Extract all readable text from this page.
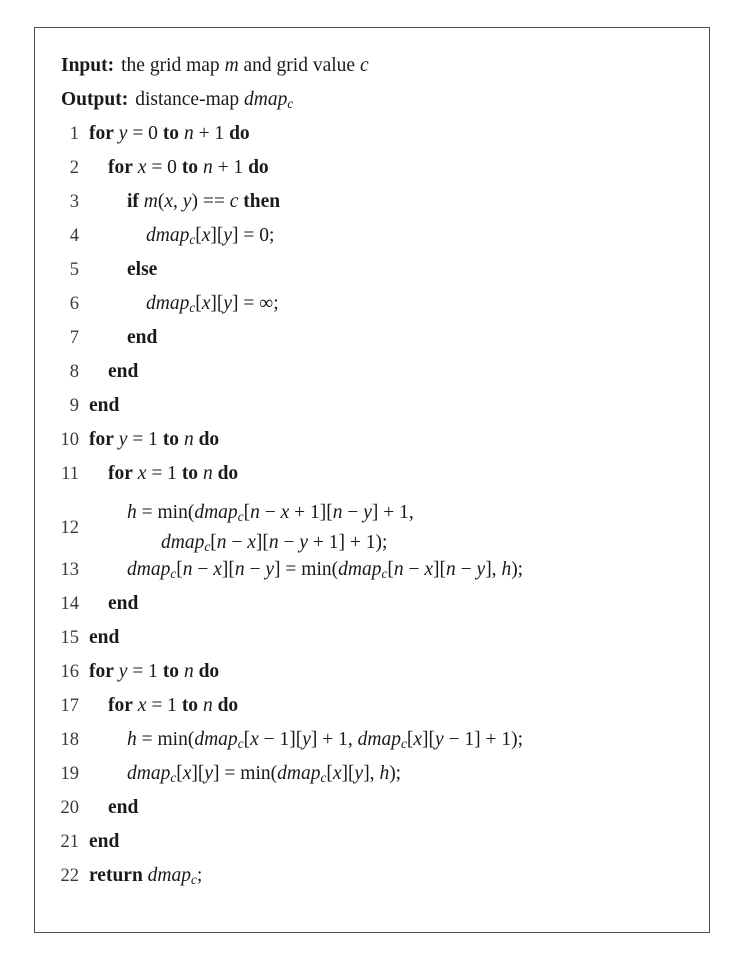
Input: the grid map m and grid value c
Output: distance-map dmap$_c$
1 for y = 0 to n + 1 do
2	for x = 0 to n + 1 do
3	if m(x, y) == c then
4	dmap$_c$[x][y] = 0;
5	else
6	dmap$_c$[x][y] = ∞;
7	end
8	end
9 end
10 for y = 1 to n do
11	for x = 1 to n do
12
h = min(dmap$_c$[n − x + 1][n − y] + 1,
dmap$_c$[n − x][n − y + 1] + 1);
13	dmap$_c$[n − x][n − y] = min(dmap$_c$[n − x][n − y], h);
14	end
15 end
16 for y = 1 to n do
17	for x = 1 to n do
18	h = min(dmap$_c$[x − 1][y] + 1, dmap$_c$[x][y − 1] + 1);
19	dmap$_c$[x][y] = min(dmap$_c$[x][y], h);
20	end
21 end
22 return dmap$_c$;
